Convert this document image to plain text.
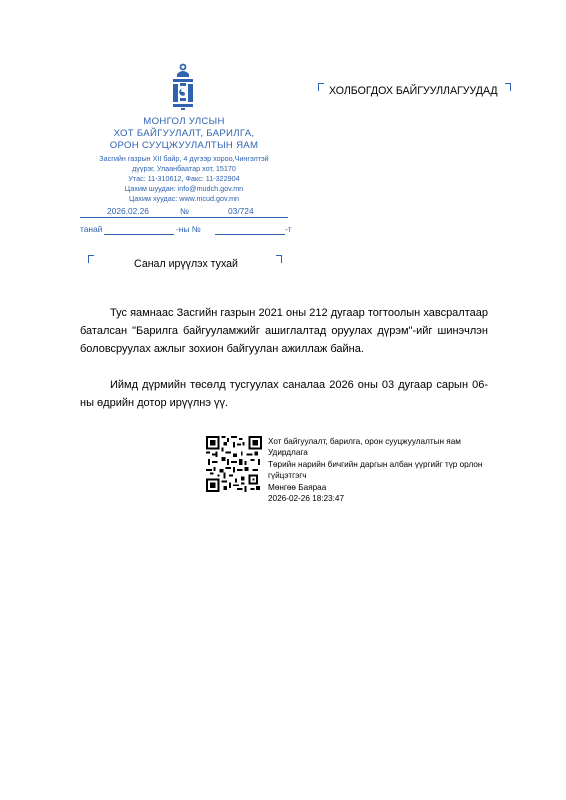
МОНГОЛ УЛСЫН
ХОТ БАЙГУУЛАЛТ, БАРИЛГА,
ОРОН СУУЦЖУУЛАЛТЫН ЯАМ
Засгийн газрын XII байр, 4 дүгээр хороо,Чингэлтэй
дүүрэг, Улаанбаатар хот, 15170
Утас: 11-310612, Факс: 11-322904
Цахим шуудан: info@mudch.gov.mn
Цахим хуудас: www.mcud.gov.mn
2026.02.26	№	03/724
танай	-ны №	-т
ХОЛБОГДОХ БАЙГУУЛЛАГУУДАД
Санал ирүүлэх тухай

Тус яамнаас Засгийн газрын 2021 оны 212 дугаар тогтоолын хавсралтаар баталсан "Барилга байгууламжийг ашиглалтад оруулах дүрэм"-ийг шинэчлэн боловсруулах ажлыг зохион байгуулан ажиллаж байна.

Иймд дүрмийн төсөлд тусгуулах саналаа 2026 оны 03 дугаар сарын 06-ны өдрийн дотор ирүүлнэ үү.

Хот байгуулалт, барилга, орон сууцжуулалтын яам
Удирдлага
Төрийн нарийн бичгийн даргын албан үүргийг түр орлон гүйцэтгэгч
Мөнгөө Баяраа
2026-02-26 18:23:47
